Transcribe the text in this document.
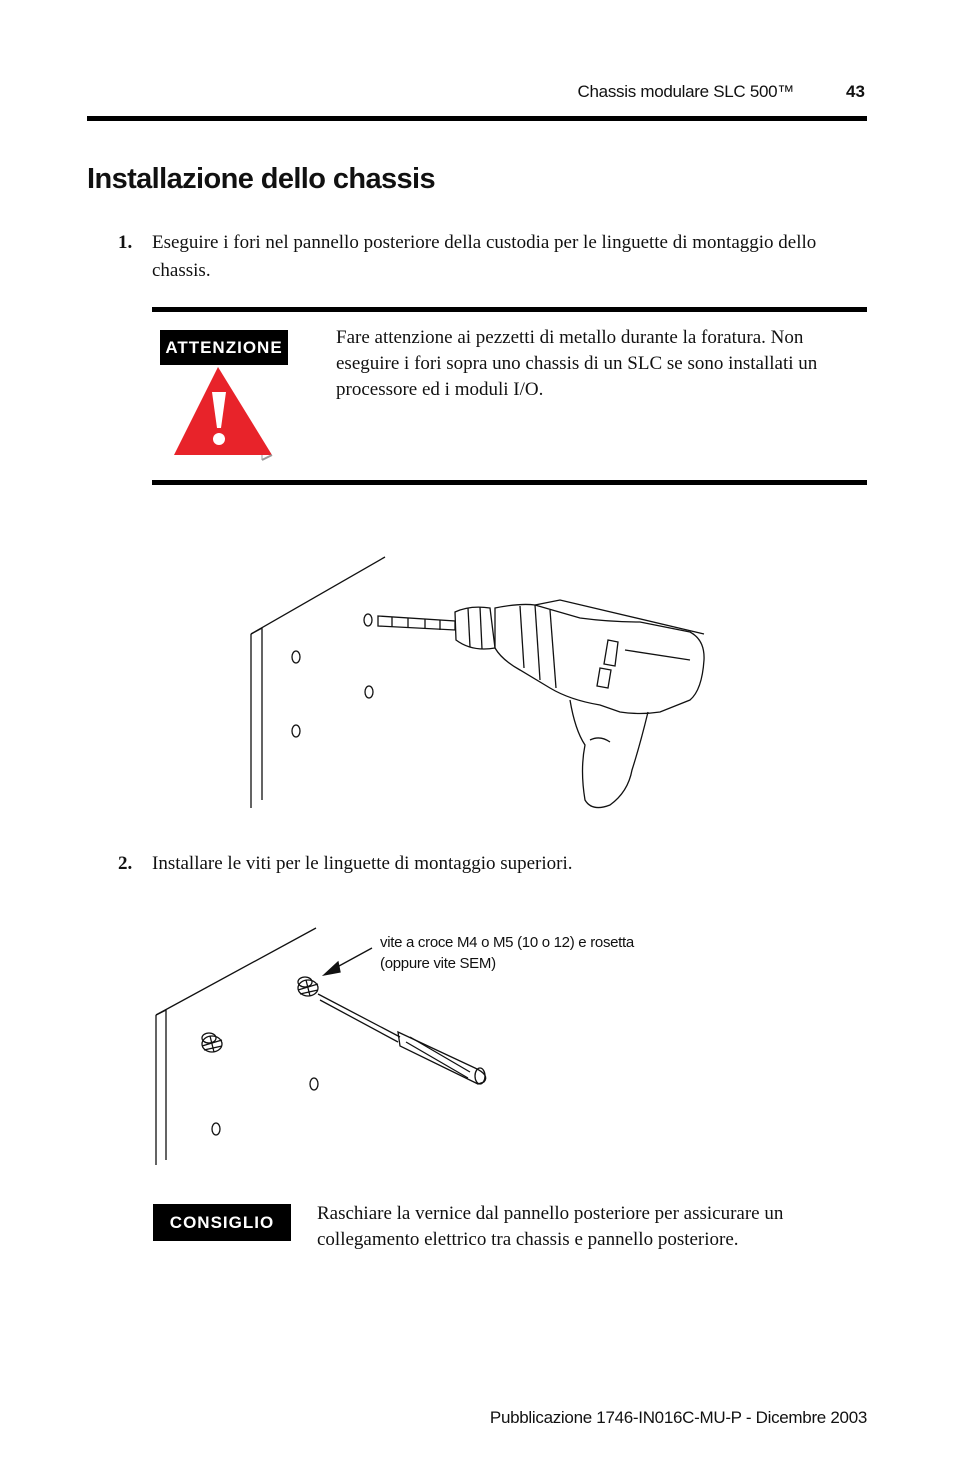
Chassis modulare SLC 500™	43
Installazione dello chassis
1. Eseguire i fori nel pannello posteriore della custodia per le linguette di montaggio dello chassis.
ATTENZIONE	Fare attenzione ai pezzetti di metallo durante la foratura. Non eseguire i fori sopra uno chassis di un SLC se sono installati un processore ed i moduli I/O.
2. Installare le viti per le linguette di montaggio superiori.
vite a croce M4 o M5 (10 o 12) e rosetta
(oppure vite SEM)
CONSIGLIO	Raschiare la vernice dal pannello posteriore per assicurare un collegamento elettrico tra chassis e pannello posteriore.
Pubblicazione 1746-IN016C-MU-P - Dicembre 2003
